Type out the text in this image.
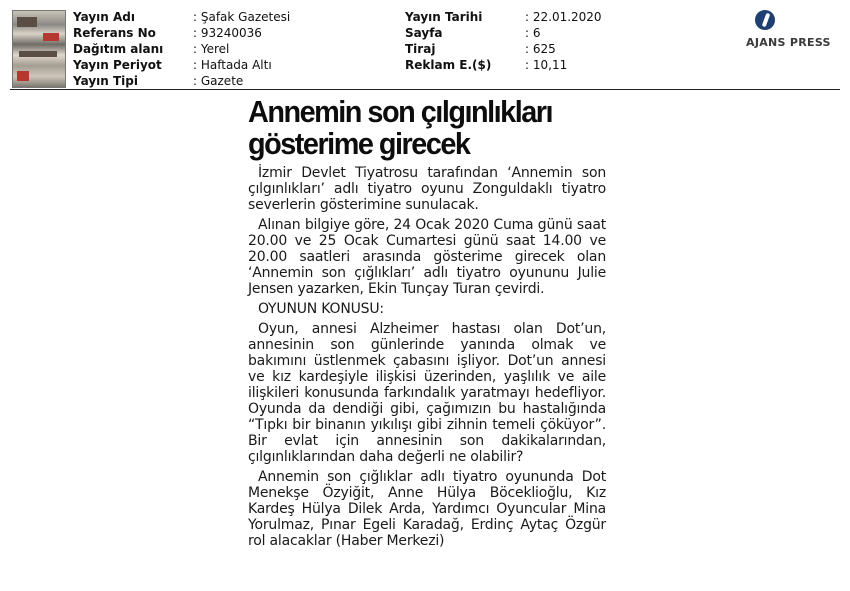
Yayın Adı	: Şafak Gazetesi
Referans No	: 93240036
Dağıtım alanı	: Yerel
Yayın Periyot	: Haftada Altı
Yayın Tipi	: Gazete
Yayın Tarihi	: 22.01.2020
Sayfa	: 6
Tiraj	: 625
Reklam E.($)	: 10,11
AJANS PRESS
Annemin son çılgınlıkları
gösterime girecek

İzmir Devlet Tiyatrosu tarafından ‘Annemin son çılgınlıkları’ adlı tiyatro oyunu Zonguldaklı tiyatro severlerin gösterimine sunulacak.

Alınan bilgiye göre, 24 Ocak 2020 Cuma günü saat 20.00 ve 25 Ocak Cumartesi günü saat 14.00 ve 20.00 saatleri arasında gösterime girecek olan ‘Annemin son çığlıkları’ adlı tiyatro oyununu Julie Jensen yazarken, Ekin Tunçay Turan çevirdi.

OYUNUN KONUSU:

Oyun, annesi Alzheimer hastası olan Dot’un, annesinin son günlerinde yanında olmak ve bakımını üstlenmek çabasını işliyor. Dot’un annesi ve kız kardeşiyle ilişkisi üzerinden, yaşlılık ve aile ilişkileri konusunda farkındalık yaratmayı hedefliyor. Oyunda da dendiği gibi, çağımızın bu hastalığında “Tıpkı bir binanın yıkılışı gibi zihnin temeli çöküyor”. Bir evlat için annesinin son dakikalarından, çılgınlıklarından daha değerli ne olabilir?

Annemin son çığlıklar adlı tiyatro oyununda Dot Menekşe Özyiğit, Anne Hülya Böceklioğlu, Kız Kardeş Hülya Dilek Arda, Yardımcı Oyuncular Mina Yorulmaz, Pınar Egeli Karadağ, Erdinç Aytaç Özgür rol alacaklar (Haber Merkezi)
